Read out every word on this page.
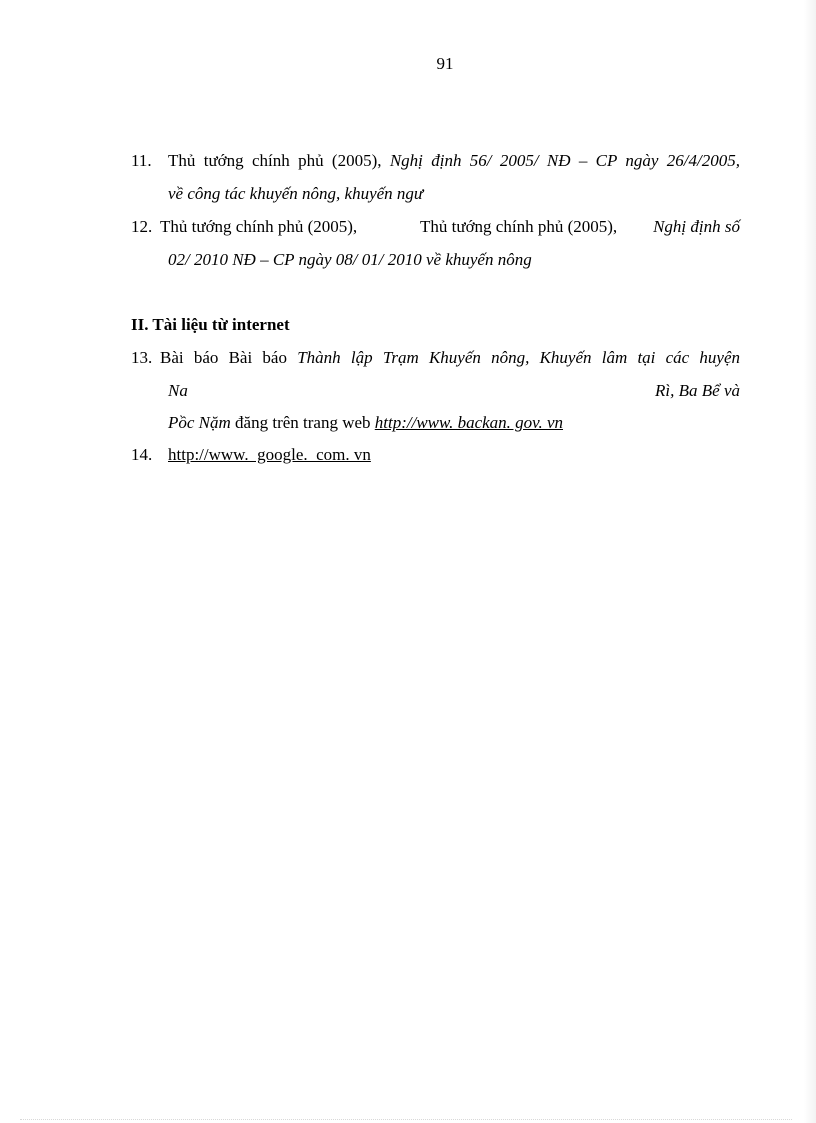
91
11. Thủ tướng chính phủ (2005), Nghị định 56/ 2005/ NĐ – CP ngày 26/4/2005,
về công tác khuyến nông, khuyến ngư
12. Thủ tướng chính phủ (2005),	Thủ tướng chính phủ (2005), Nghị định số
02/ 2010 NĐ – CP ngày 08/ 01/ 2010 về khuyến nông
II. Tài liệu từ internet
13. Bài báo Bài báo Thành lập Trạm Khuyến nông, Khuyến lâm tại các huyện
Na	Rì, Ba Bể và
Pồc Nặm đăng trên trang web http://www. backan. gov. vn
14. http://www.  google.  com. vn
